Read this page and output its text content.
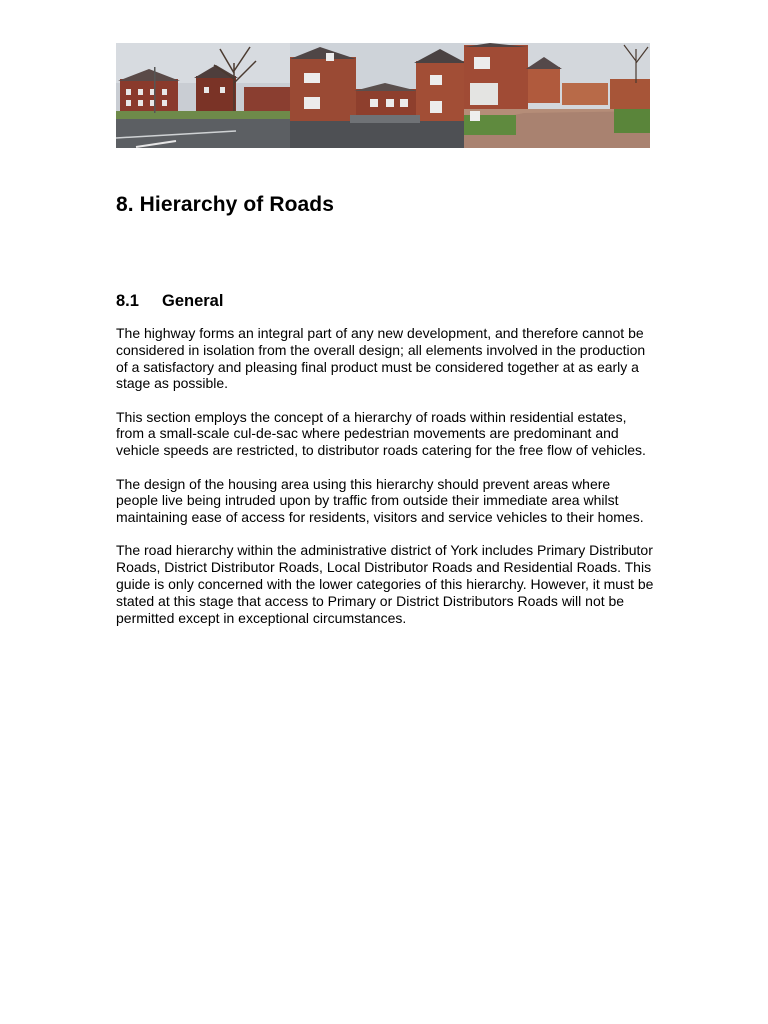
8. Hierarchy of Roads
8.1	General

The highway forms an integral part of any new development, and therefore cannot be considered in isolation from the overall design; all elements involved in the production of a satisfactory and pleasing final product must be considered together at as early a stage as possible.

This section employs the concept of a hierarchy of roads within residential estates, from a small-scale cul-de-sac where pedestrian movements are predominant and vehicle speeds are restricted, to distributor roads catering for the free flow of vehicles.

The design of the housing area using this hierarchy should prevent areas where people live being intruded upon by traffic from outside their immediate area whilst maintaining ease of access for residents, visitors and service vehicles to their homes.

The road hierarchy within the administrative district of York includes Primary Distributor Roads, District Distributor Roads, Local Distributor Roads and Residential Roads. This guide is only concerned with the lower categories of this hierarchy. However, it must be stated at this stage that access to Primary or District Distributors Roads will not be permitted except in exceptional circumstances.
